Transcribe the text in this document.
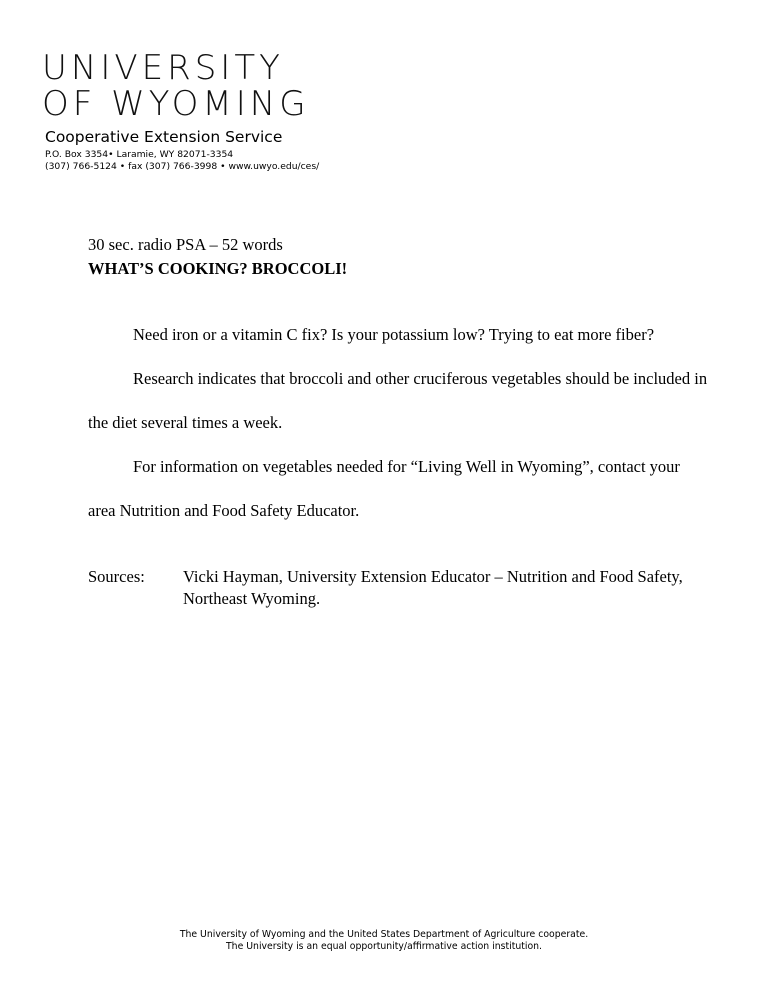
UNIVERSITY
OF WYOMING
Cooperative Extension Service
P.O. Box 3354• Laramie, WY 82071-3354
(307) 766-5124 • fax (307) 766-3998 • www.uwyo.edu/ces/
30 sec. radio PSA – 52 words
WHAT’S COOKING? BROCCOLI!

Need iron or a vitamin C fix? Is your potassium low? Trying to eat more fiber?

Research indicates that broccoli and other cruciferous vegetables should be included in the diet several times a week.

For information on vegetables needed for “Living Well in Wyoming”, contact your area Nutrition and Food Safety Educator.

Sources:	Vicki Hayman, University Extension Educator – Nutrition and Food Safety, Northeast Wyoming.
The University of Wyoming and the United States Department of Agriculture cooperate.
The University is an equal opportunity/affirmative action institution.
